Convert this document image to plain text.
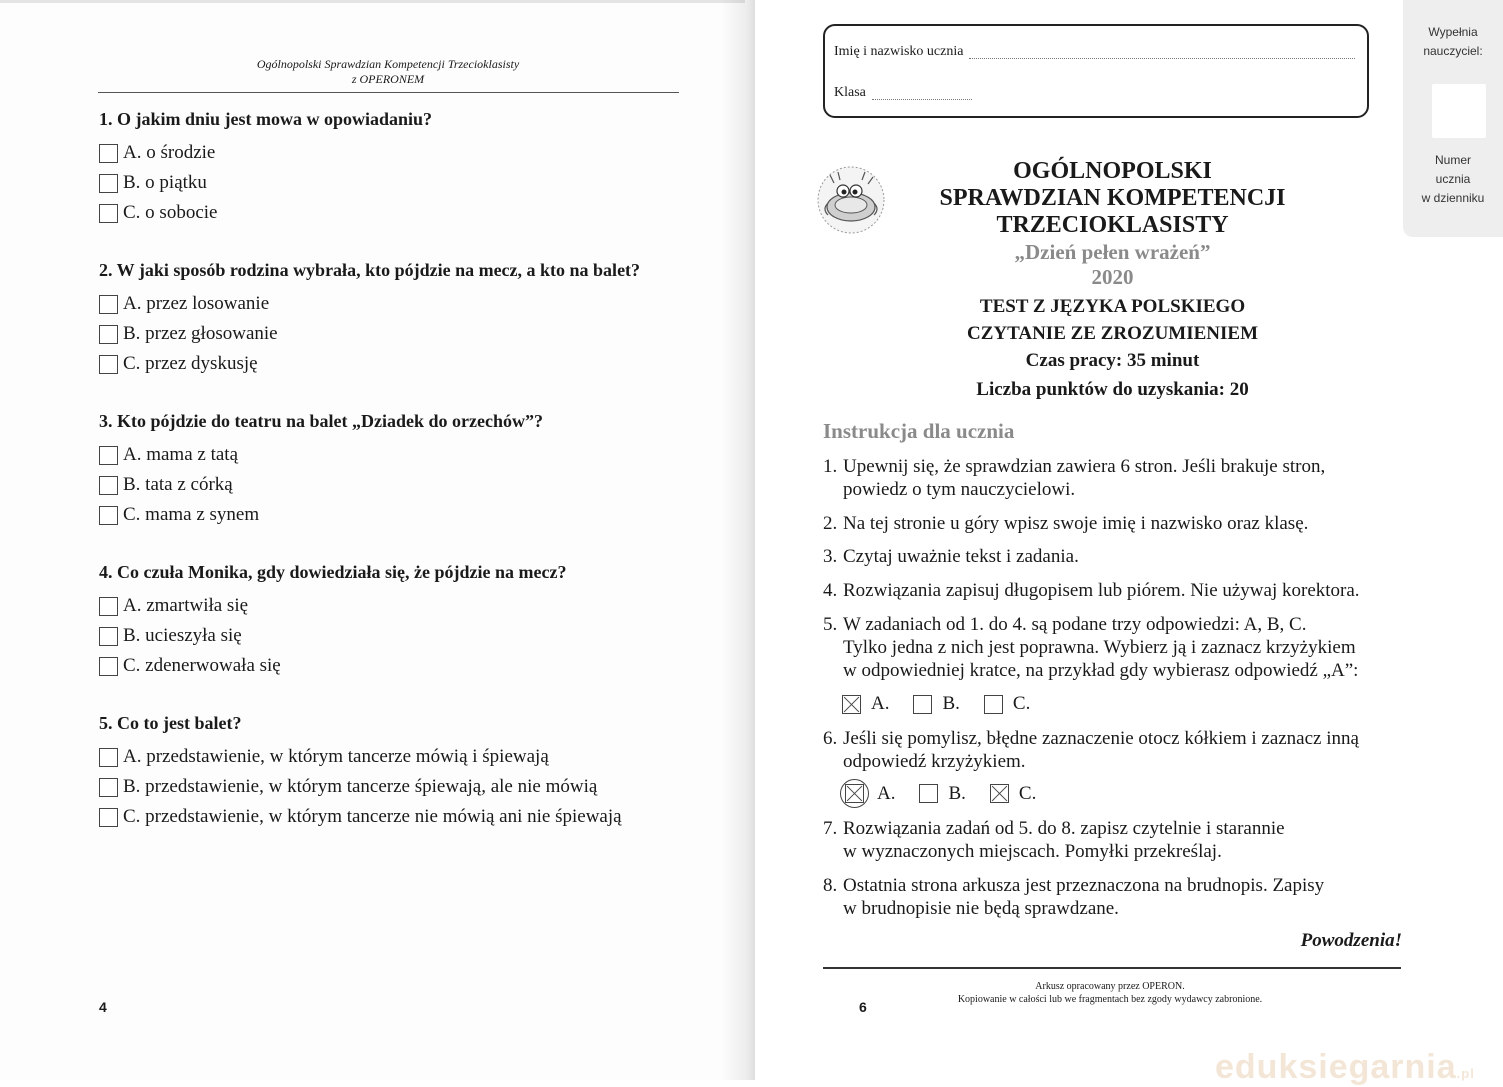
Ogólnopolski Sprawdzian Kompetencji Trzecioklasisty
z OPERONEM

1. O jakim dniu jest mowa w opowiadaniu?

A. o środzie
B. o piątku
C. o sobocie

2. W jaki sposób rodzina wybrała, kto pójdzie na mecz, a kto na balet?

A. przez losowanie
B. przez głosowanie
C. przez dyskusję

3. Kto pójdzie do teatru na balet „Dziadek do orzechów”?

A. mama z tatą
B. tata z córką
C. mama z synem

4. Co czuła Monika, gdy dowiedziała się, że pójdzie na mecz?

A. zmartwiła się
B. ucieszyła się
C. zdenerwowała się

5. Co to jest balet?

A. przedstawienie, w którym tancerze mówią i śpiewają
B. przedstawienie, w którym tancerze śpiewają, ale nie mówią
C. przedstawienie, w którym tancerze nie mówią ani nie śpiewają
4
Imię i nazwisko ucznia
Klasa
Wypełnia
nauczyciel:
Numer
ucznia
w dzienniku
OGÓLNOPOLSKI
SPRAWDZIAN KOMPETENCJI
TRZECIOKLASISTY
„Dzień pełen wrażeń”
2020
TEST Z JĘZYKA POLSKIEGO
CZYTANIE ZE ZROZUMIENIEM
Czas pracy: 35 minut
Liczba punktów do uzyskania: 20
Instrukcja dla ucznia
1. Upewnij się, że sprawdzian zawiera 6 stron. Jeśli brakuje stron,
powiedz o tym nauczycielowi.
2. Na tej stronie u góry wpisz swoje imię i nazwisko oraz klasę.
3. Czytaj uważnie tekst i zadania.
4. Rozwiązania zapisuj długopisem lub piórem. Nie używaj korektora.
5. W zadaniach od 1. do 4. są podane trzy odpowiedzi: A, B, C.
Tylko jedna z nich jest poprawna. Wybierz ją i zaznacz krzyżykiem
w odpowiedniej kratce, na przykład gdy wybierasz odpowiedź „A”:
A.	B.	C.
6. Jeśli się pomylisz, błędne zaznaczenie otocz kółkiem i zaznacz inną
odpowiedź krzyżykiem.
A.	B.	C.
7. Rozwiązania zadań od 5. do 8. zapisz czytelnie i starannie
w wyznaczonych miejscach. Pomyłki przekreślaj.
8. Ostatnia strona arkusza jest przeznaczona na brudnopis. Zapisy
w brudnopisie nie będą sprawdzane.
Powodzenia!
Arkusz opracowany przez OPERON.
Kopiowanie w całości lub we fragmentach bez zgody wydawcy zabronione.
6
eduksiegarnia.pl
